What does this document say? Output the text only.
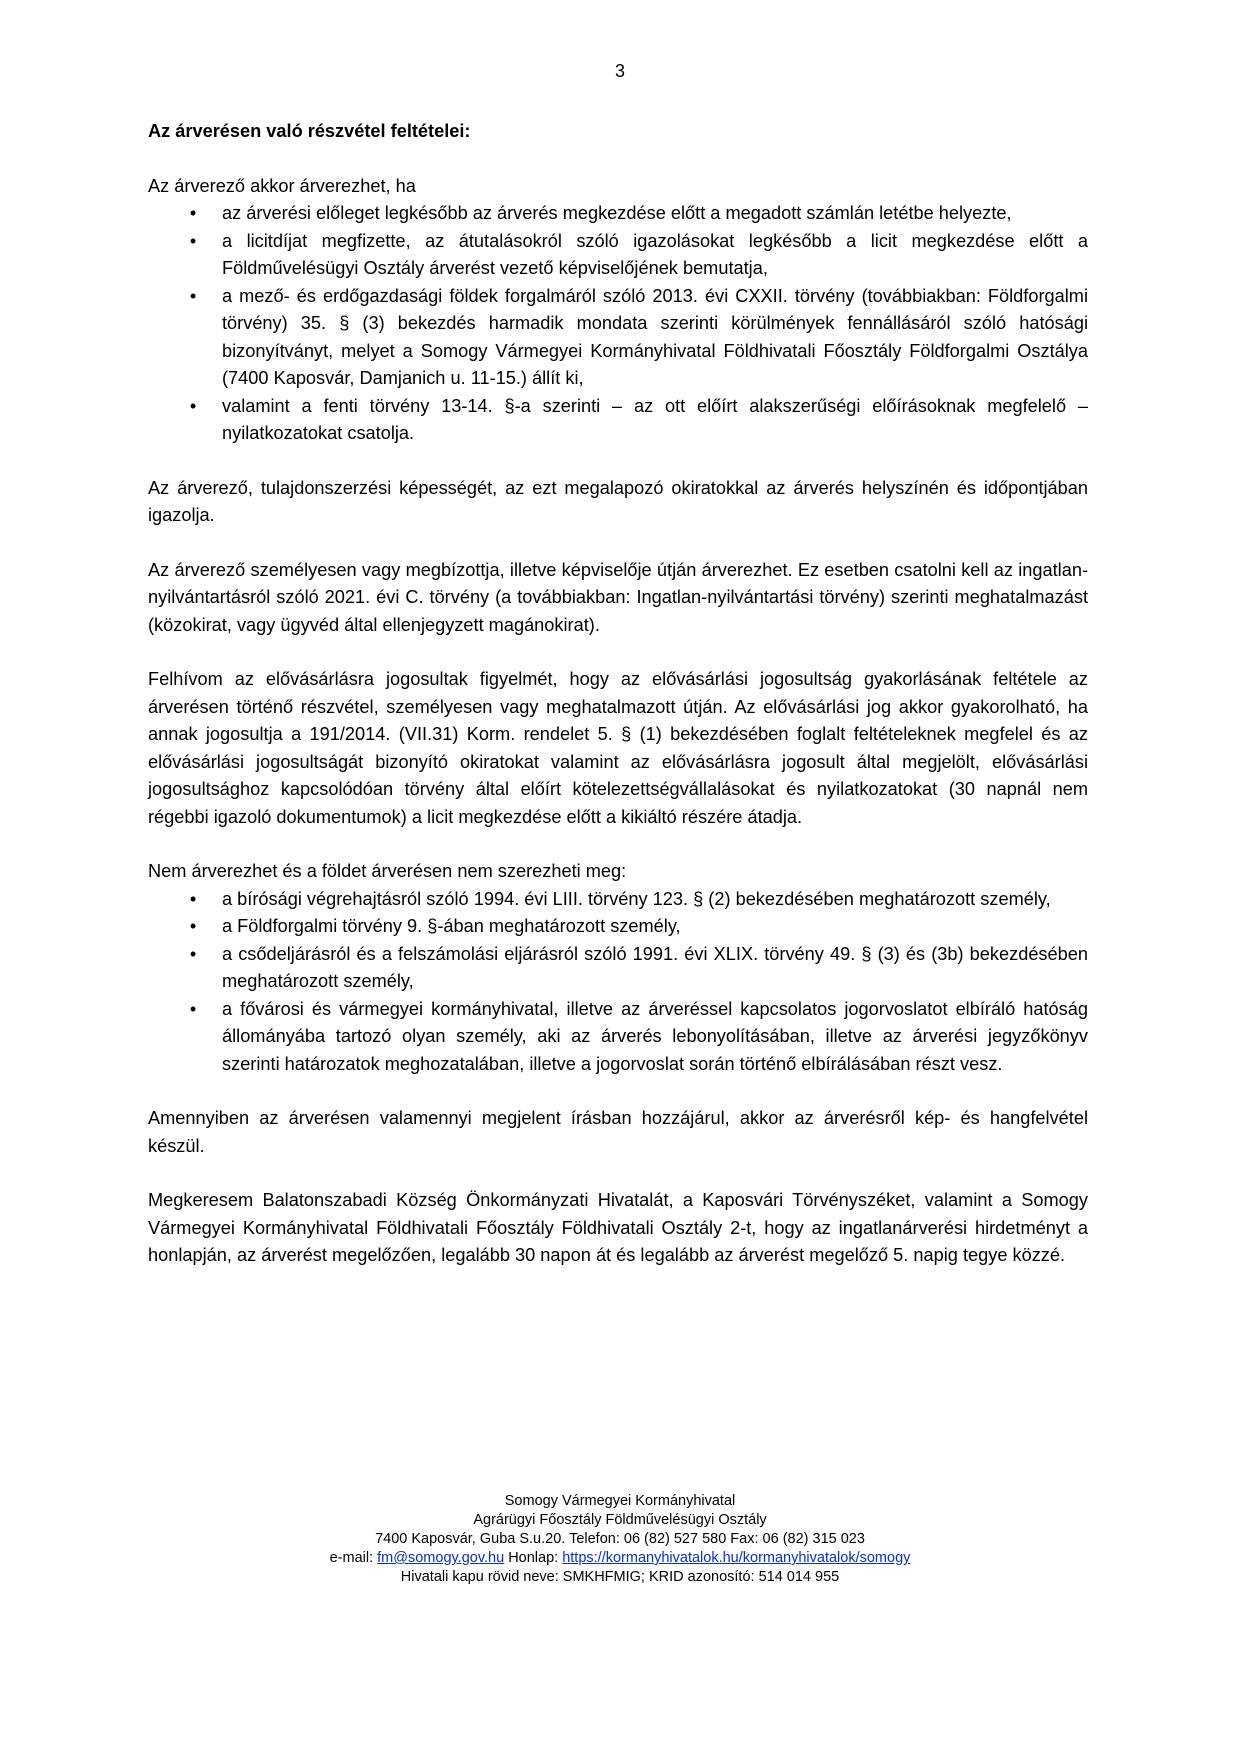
3
Az árverésen való részvétel feltételei:

Az árverező akkor árverezhet, ha

• az árverési előleget legkésőbb az árverés megkezdése előtt a megadott számlán letétbe helyezte,
• a licitdíjat megfizette, az átutalásokról szóló igazolásokat legkésőbb a licit megkezdése előtt a Földművelésügyi Osztály árverést vezető képviselőjének bemutatja,
• a mező- és erdőgazdasági földek forgalmáról szóló 2013. évi CXXII. törvény (továbbiakban: Földforgalmi törvény) 35. § (3) bekezdés harmadik mondata szerinti körülmények fennállásáról szóló hatósági bizonyítványt, melyet a Somogy Vármegyei Kormányhivatal Földhivatali Főosztály Földforgalmi Osztálya (7400 Kaposvár, Damjanich u. 11-15.) állít ki,
• valamint a fenti törvény 13-14. §-a szerinti – az ott előírt alakszerűségi előírásoknak megfelelő – nyilatkozatokat csatolja.

Az árverező, tulajdonszerzési képességét, az ezt megalapozó okiratokkal az árverés helyszínén és időpontjában igazolja.

Az árverező személyesen vagy megbízottja, illetve képviselője útján árverezhet. Ez esetben csatolni kell az ingatlan-nyilvántartásról szóló 2021. évi C. törvény (a továbbiakban: Ingatlan-nyilvántartási törvény) szerinti meghatalmazást (közokirat, vagy ügyvéd által ellenjegyzett magánokirat).

Felhívom az elővásárlásra jogosultak figyelmét, hogy az elővásárlási jogosultság gyakorlásának feltétele az árverésen történő részvétel, személyesen vagy meghatalmazott útján. Az elővásárlási jog akkor gyakorolható, ha annak jogosultja a 191/2014. (VII.31) Korm. rendelet 5. § (1) bekezdésében foglalt feltételeknek megfelel és az elővásárlási jogosultságát bizonyító okiratokat valamint az elővásárlásra jogosult által megjelölt, elővásárlási jogosultsághoz kapcsolódóan törvény által előírt kötelezettségvállalásokat és nyilatkozatokat (30 napnál nem régebbi igazoló dokumentumok) a licit megkezdése előtt a kikiáltó részére átadja.

Nem árverezhet és a földet árverésen nem szerezheti meg:

• a bírósági végrehajtásról szóló 1994. évi LIII. törvény 123. § (2) bekezdésében meghatározott személy,
• a Földforgalmi törvény 9. §-ában meghatározott személy,
• a csődeljárásról és a felszámolási eljárásról szóló 1991. évi XLIX. törvény 49. § (3) és (3b) bekezdésében meghatározott személy,
• a fővárosi és vármegyei kormányhivatal, illetve az árveréssel kapcsolatos jogorvoslatot elbíráló hatóság állományába tartozó olyan személy, aki az árverés lebonyolításában, illetve az árverési jegyzőkönyv szerinti határozatok meghozatalában, illetve a jogorvoslat során történő elbírálásában részt vesz.

Amennyiben az árverésen valamennyi megjelent írásban hozzájárul, akkor az árverésről kép- és hangfelvétel készül.

Megkeresem Balatonszabadi Község Önkormányzati Hivatalát, a Kaposvári Törvényszéket, valamint a Somogy Vármegyei Kormányhivatal Földhivatali Főosztály Földhivatali Osztály 2-t, hogy az ingatlanárverési hirdetményt a honlapján, az árverést megelőzően, legalább 30 napon át és legalább az árverést megelőző 5. napig tegye közzé.

Somogy Vármegyei Kormányhivatal
Agrárügyi Főosztály Földművelésügyi Osztály
7400 Kaposvár, Guba S.u.20. Telefon: 06 (82) 527 580 Fax: 06 (82) 315 023
e-mail: fm@somogy.gov.hu Honlap: https://kormanyhivatalok.hu/kormanyhivatalok/somogy
Hivatali kapu rövid neve: SMKHFMIG; KRID azonosító: 514 014 955
